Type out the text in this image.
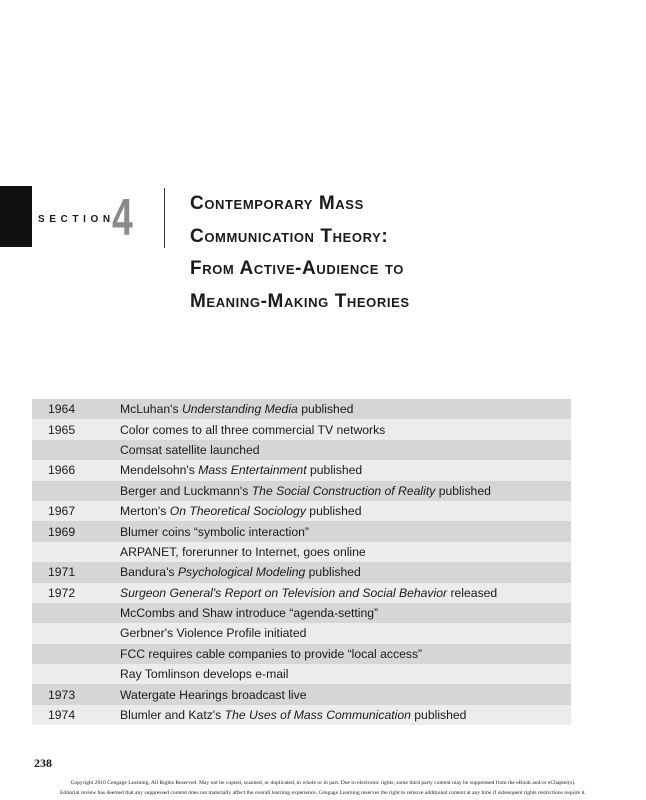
SECTION
4	Contemporary Mass
Communication Theory:
From Active-Audience to
Meaning-Making Theories
1964	McLuhan's Understanding Media published
1965	Color comes to all three commercial TV networks
	Comsat satellite launched
1966	Mendelsohn's Mass Entertainment published
	Berger and Luckmann's The Social Construction of Reality published
1967	Merton's On Theoretical Sociology published
1969	Blumer coins “symbolic interaction”
	ARPANET, forerunner to Internet, goes online
1971	Bandura's Psychological Modeling published
1972	Surgeon General's Report on Television and Social Behavior released
	McCombs and Shaw introduce “agenda-setting”
	Gerbner's Violence Profile initiated
	FCC requires cable companies to provide “local access”
	Ray Tomlinson develops e-mail
1973	Watergate Hearings broadcast live
1974	Blumler and Katz's The Uses of Mass Communication published
238
Copyright 2010 Cengage Learning. All Rights Reserved. May not be copied, scanned, or duplicated, in whole or in part. Due to electronic rights, some third party content may be suppressed from the eBook and/or eChapter(s).
Editorial review has deemed that any suppressed content does not materially affect the overall learning experience. Cengage Learning reserves the right to remove additional content at any time if subsequent rights restrictions require it.
